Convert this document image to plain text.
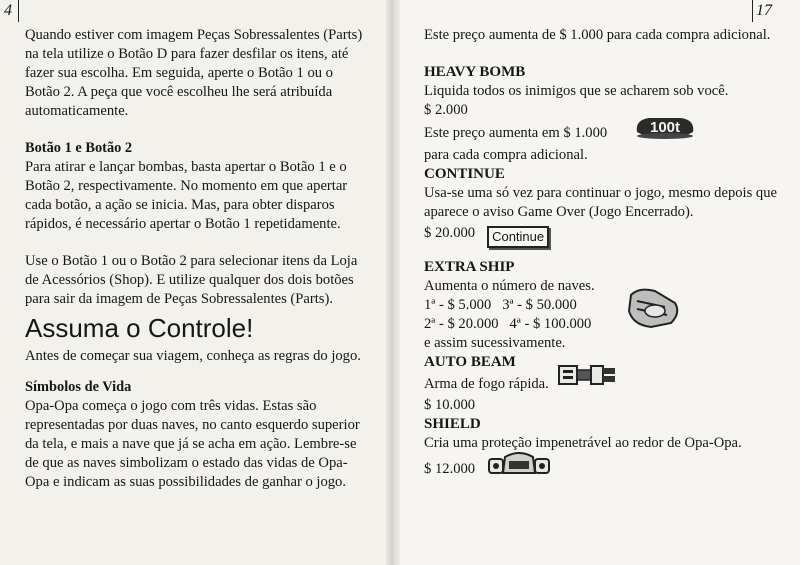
4	17

Quando estiver com imagem Peças Sobressalentes (Parts) na tela utilize o Botão D para fazer desfilar os itens, até fazer sua escolha. Em seguida, aperte o Botão 1 ou o Botão 2. A peça que você escolheu lhe será atribuída automaticamente.

Botão 1 e Botão 2

Para atirar e lançar bombas, basta apertar o Botão 1 e o Botão 2, respectivamente. No momento em que apertar cada botão, a ação se inicia. Mas, para obter disparos rápidos, é necessário apertar o Botão 1 repetidamente.

Use o Botão 1 ou o Botão 2 para selecionar itens da Loja de Acessórios (Shop). E utilize qualquer dos dois botões para sair da imagem de Peças Sobressalentes (Parts).

Assuma o Controle!

Antes de começar sua viagem, conheça as regras do jogo.

Símbolos de Vida

Opa-Opa começa o jogo com três vidas. Estas são representadas por duas naves, no canto esquerdo superior da tela, e mais a nave que já se acha em ação. Lembre-se de que as naves simbolizam o estado das vidas de Opa-Opa e indicam as suas possibilidades de ganhar o jogo.

Este preço aumenta de $ 1.000 para cada compra adicional.

HEAVY BOMB

Liquida todos os inimigos que se acharem sob você.

$ 2.000

Este preço aumenta em $ 1.000	100t

para cada compra adicional.

CONTINUE

Usa-se uma só vez para continuar o jogo, mesmo depois que aparece o aviso Game Over (Jogo Encerrado).

$ 20.000	Continue

EXTRA SHIP

Aumenta o número de naves.

1ª - $ 5.000   3ª - $ 50.000

2ª - $ 20.000   4ª - $ 100.000

e assim sucessivamente.

AUTO BEAM

Arma de fogo rápida.

$ 10.000

SHIELD

Cria uma proteção impenetrável ao redor de Opa-Opa.

$ 12.000
